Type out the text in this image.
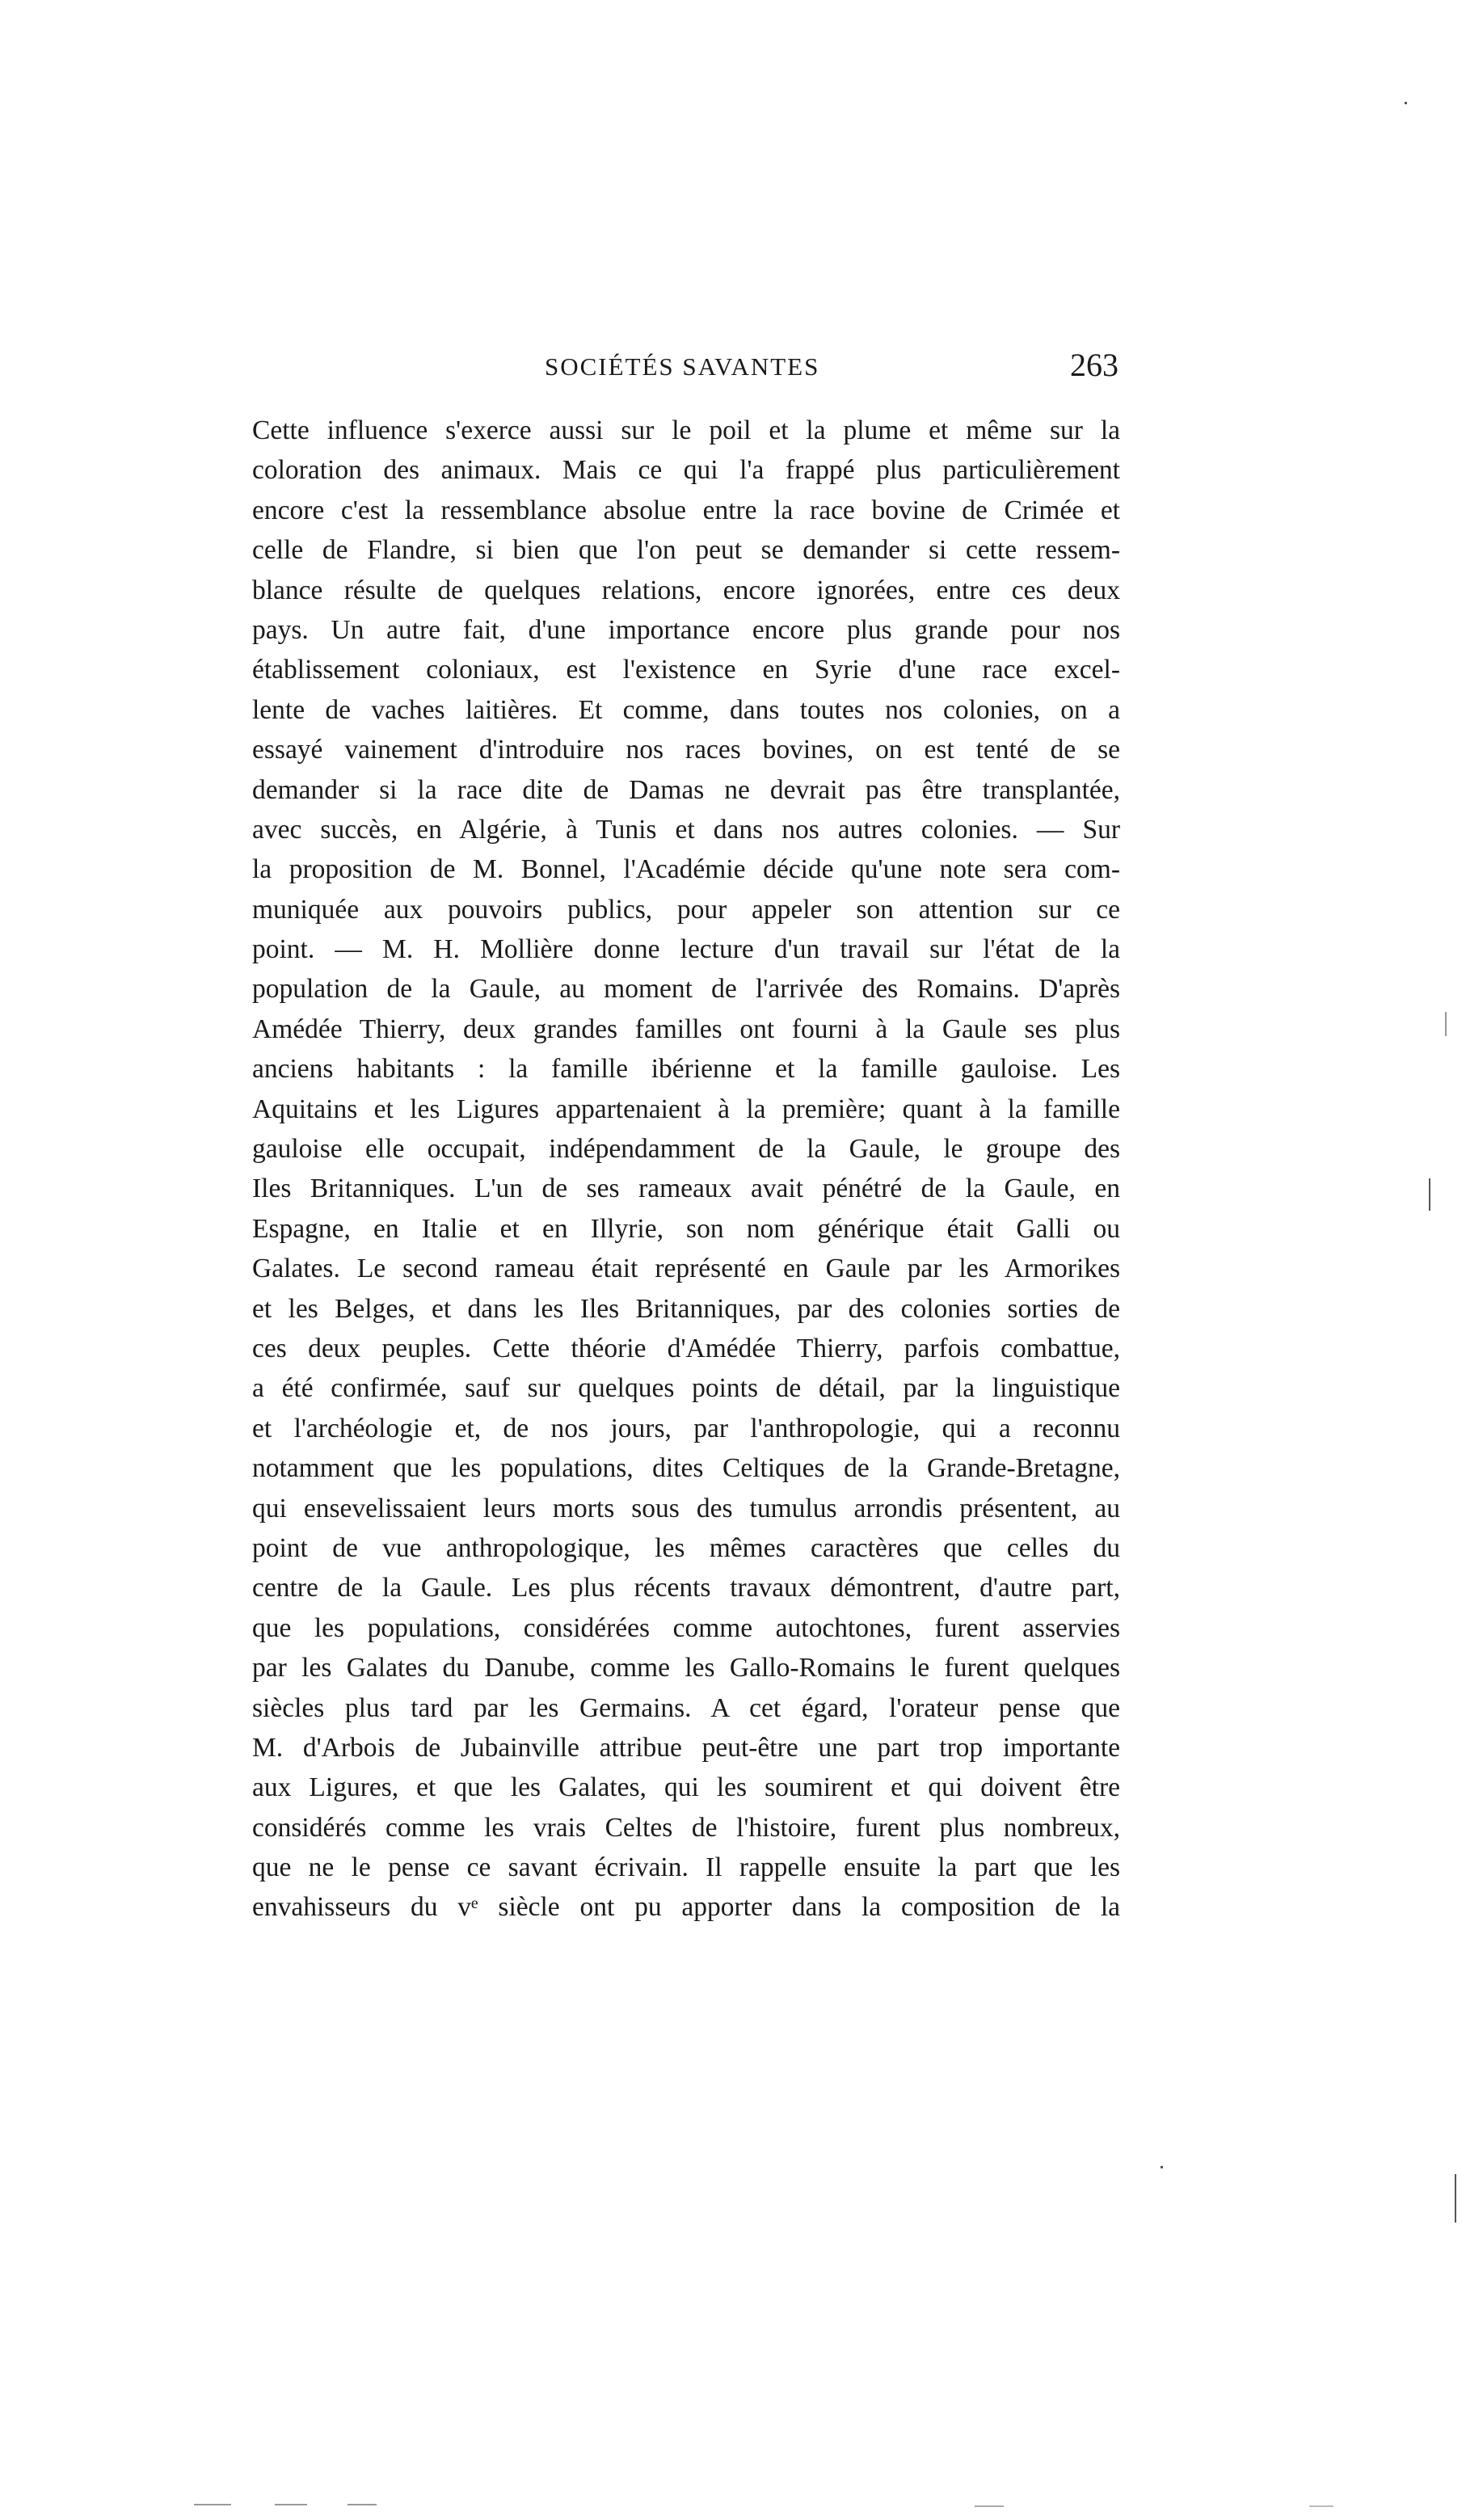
SOCIÉTÉS SAVANTES	263
Cette influence s'exerce aussi sur le poil et la plume et même sur la
coloration des animaux. Mais ce qui l'a frappé plus particulièrement
encore c'est la ressemblance absolue entre la race bovine de Crimée et
celle de Flandre, si bien que l'on peut se demander si cette ressem-
blance résulte de quelques relations, encore ignorées, entre ces deux
pays. Un autre fait, d'une importance encore plus grande pour nos
établissement coloniaux, est l'existence en Syrie d'une race excel-
lente de vaches laitières. Et comme, dans toutes nos colonies, on a
essayé vainement d'introduire nos races bovines, on est tenté de se
demander si la race dite de Damas ne devrait pas être transplantée,
avec succès, en Algérie, à Tunis et dans nos autres colonies. — Sur
la proposition de M. Bonnel, l'Académie décide qu'une note sera com-
muniquée aux pouvoirs publics, pour appeler son attention sur ce
point. — M. H. Mollière donne lecture d'un travail sur l'état de la
population de la Gaule, au moment de l'arrivée des Romains. D'après
Amédée Thierry, deux grandes familles ont fourni à la Gaule ses plus
anciens habitants : la famille ibérienne et la famille gauloise. Les
Aquitains et les Ligures appartenaient à la première; quant à la famille
gauloise elle occupait, indépendamment de la Gaule, le groupe des
Iles Britanniques. L'un de ses rameaux avait pénétré de la Gaule, en
Espagne, en Italie et en Illyrie, son nom générique était Galli ou
Galates. Le second rameau était représenté en Gaule par les Armorikes
et les Belges, et dans les Iles Britanniques, par des colonies sorties de
ces deux peuples. Cette théorie d'Amédée Thierry, parfois combattue,
a été confirmée, sauf sur quelques points de détail, par la linguistique
et l'archéologie et, de nos jours, par l'anthropologie, qui a reconnu
notamment que les populations, dites Celtiques de la Grande-Bretagne,
qui ensevelissaient leurs morts sous des tumulus arrondis présentent, au
point de vue anthropologique, les mêmes caractères que celles du
centre de la Gaule. Les plus récents travaux démontrent, d'autre part,
que les populations, considérées comme autochtones, furent asservies
par les Galates du Danube, comme les Gallo-Romains le furent quelques
siècles plus tard par les Germains. A cet égard, l'orateur pense que
M. d'Arbois de Jubainville attribue peut-être une part trop importante
aux Ligures, et que les Galates, qui les soumirent et qui doivent être
considérés comme les vrais Celtes de l'histoire, furent plus nombreux,
que ne le pense ce savant écrivain. Il rappelle ensuite la part que les
envahisseurs du vᵉ siècle ont pu apporter dans la composition de la
